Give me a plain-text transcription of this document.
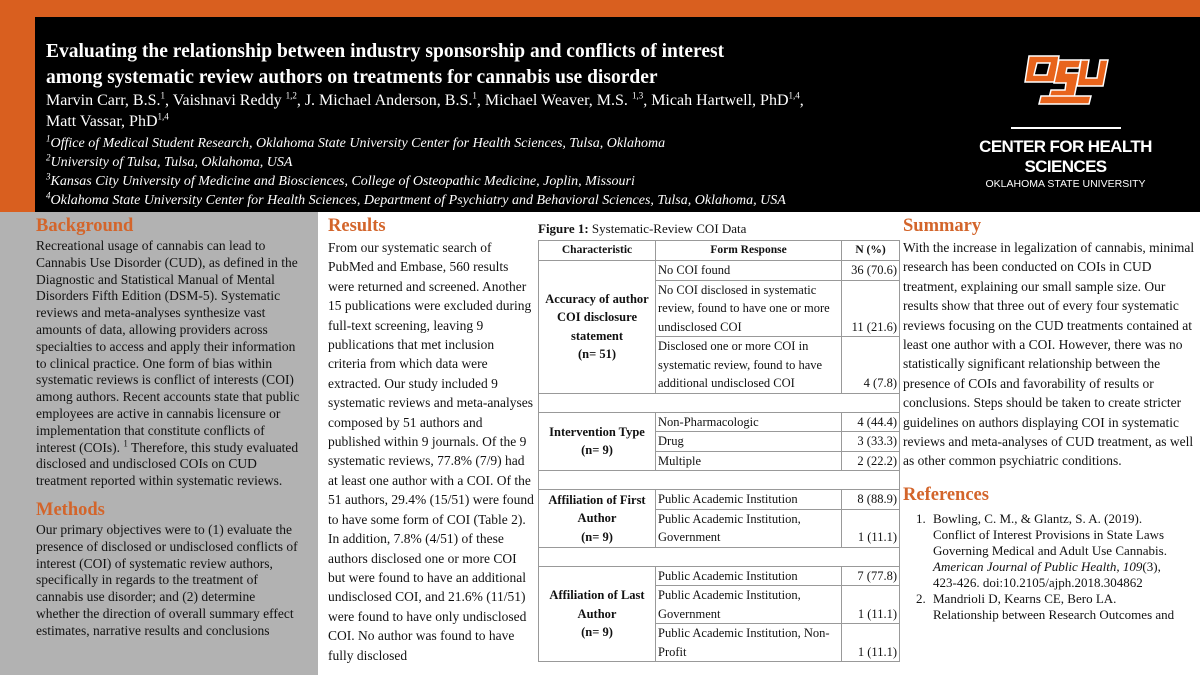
Evaluating the relationship between industry sponsorship and conflicts of interest
among systematic review authors on treatments for cannabis use disorder
Marvin Carr, B.S.$^1$, Vaishnavi Reddy $^{1,2}$, J. Michael Anderson, B.S.$^1$, Michael Weaver, M.S. $^{1,3}$, Micah Hartwell, PhD$^{1,4}$,
Matt Vassar, PhD$^{1,4}$
$^1$Office of Medical Student Research, Oklahoma State University Center for Health Sciences, Tulsa, Oklahoma
$^2$University of Tulsa, Tulsa, Oklahoma, USA
$^3$Kansas City University of Medicine and Biosciences, College of Osteopathic Medicine, Joplin, Missouri
$^4$Oklahoma State University Center for Health Sciences, Department of Psychiatry and Behavioral Sciences, Tulsa, Oklahoma, USA
CENTER FOR HEALTH SCIENCES
OKLAHOMA STATE UNIVERSITY
Background

Recreational usage of cannabis can lead to Cannabis Use Disorder (CUD), as defined in the Diagnostic and Statistical Manual of Mental Disorders Fifth Edition (DSM-5). Systematic reviews and meta-analyses synthesize vast amounts of data, allowing providers across specialties to access and apply their information to clinical practice. One form of bias within systematic reviews is conflict of interests (COI) among authors. Recent accounts state that public employees are active in cannabis licensure or implementation that constitute conflicts of interest (COIs). $^1$ Therefore, this study evaluated disclosed and undisclosed COIs on CUD treatment reported within systematic reviews.

Methods

Our primary objectives were to (1) evaluate the presence of disclosed or undisclosed conflicts of interest (COI) of systematic review authors, specifically in regards to the treatment of cannabis use disorder; and (2) determine whether the direction of overall summary effect estimates, narrative results and conclusions

Results

From our systematic search of PubMed and Embase, 560 results were returned and screened. Another 15 publications were excluded during full-text screening, leaving 9 publications that met inclusion criteria from which data were extracted. Our study included 9 systematic reviews and meta-analyses composed by 51 authors and published within 9 journals. Of the 9 systematic reviews, 77.8% (7/9) had at least one author with a COI. Of the 51 authors, 29.4% (15/51) were found to have some form of COI (Table 2). In addition, 7.8% (4/51) of these authors disclosed one or more COI but were found to have an additional undisclosed COI, and 21.6% (11/51) were found to have only undisclosed COI. No author was found to have fully disclosed

Figure 1: Systematic-Review COI Data
Characteristic	Form Response	N (%)

Accuracy of author COI disclosure statement
(n= 51)	No COI found	36 (70.6)
	No COI disclosed in systematic review, found to have one or more undisclosed COI	11 (21.6)
	Disclosed one or more COI in systematic review, found to have additional undisclosed COI	4 (7.8)

Intervention Type
(n= 9)	Non-Pharmacologic	4 (44.4)
	Drug	3 (33.3)
	Multiple	2 (22.2)

Affiliation of First Author
(n= 9)	Public Academic Institution	8 (88.9)
	Public Academic Institution, Government	1 (11.1)

Affiliation of Last Author
(n= 9)	Public Academic Institution	7 (77.8)
	Public Academic Institution, Government	1 (11.1)
	Public Academic Institution, Non-Profit	1 (11.1)
Summary

With the increase in legalization of cannabis, minimal research has been conducted on COIs in CUD treatment, explaining our small sample size. Our results show that three out of every four systematic reviews focusing on the CUD treatments contained at least one author with a COI. However, there was no statistically significant relationship between the presence of COIs and favorability of results or conclusions. Steps should be taken to create stricter guidelines on authors displaying COI in systematic reviews and meta-analyses of CUD treatment, as well as other common psychiatric conditions.

References
1. Bowling, C. M., & Glantz, S. A. (2019). Conflict of Interest Provisions in State Laws Governing Medical and Adult Use Cannabis. American Journal of Public Health, 109(3), 423-426. doi:10.2105/ajph.2018.304862
2. Mandrioli D, Kearns CE, Bero LA. Relationship between Research Outcomes and
